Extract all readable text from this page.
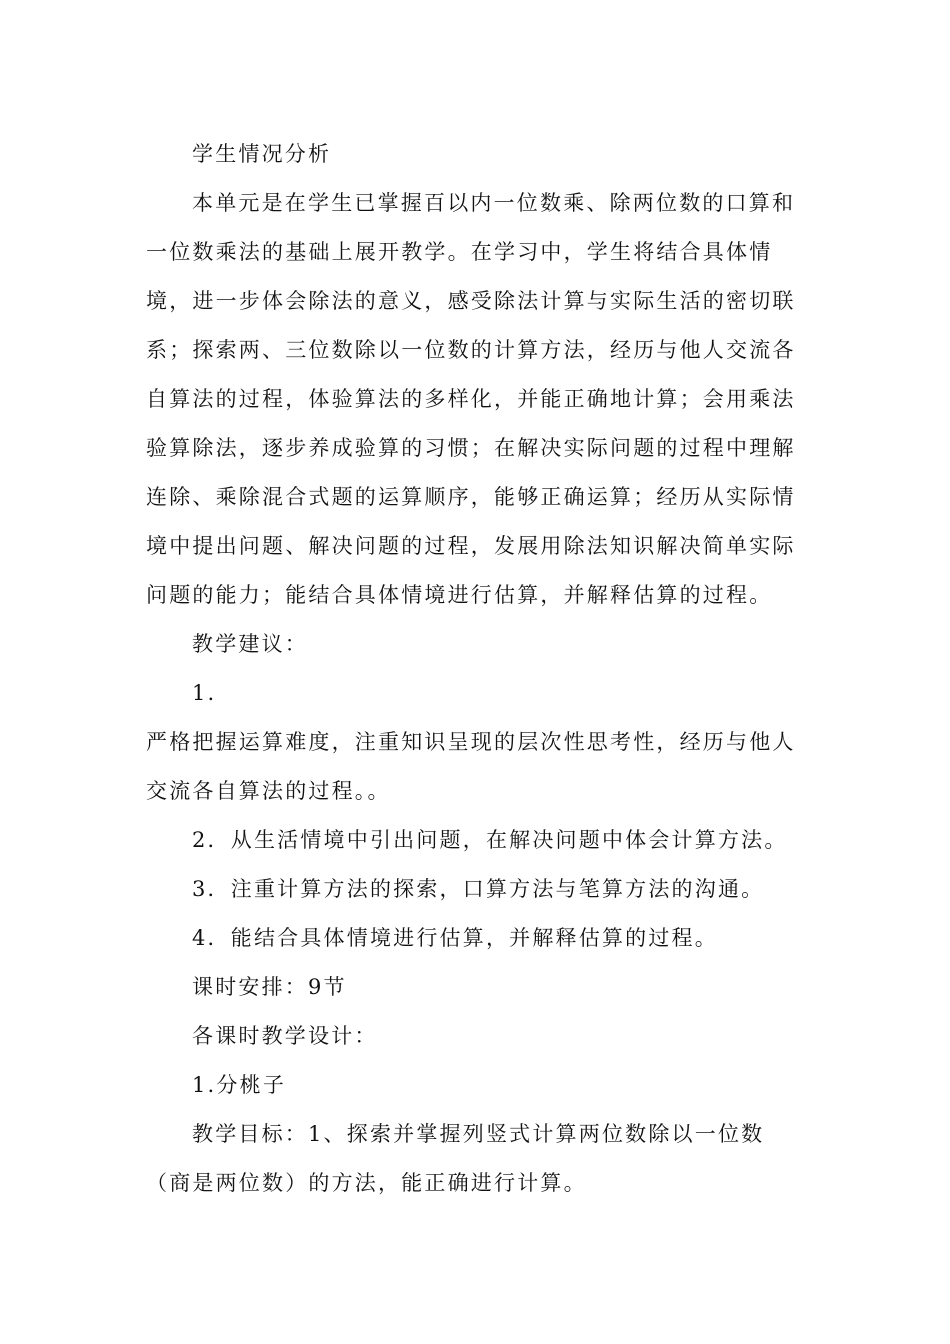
学生情况分析

本单元是在学生已掌握百以内一位数乘、除两位数的口算和一位数乘法的基础上展开教学。在学习中，学生将结合具体情境，进一步体会除法的意义，感受除法计算与实际生活的密切联系；探索两、三位数除以一位数的计算方法，经历与他人交流各自算法的过程，体验算法的多样化，并能正确地计算；会用乘法验算除法，逐步养成验算的习惯；在解决实际问题的过程中理解连除、乘除混合式题的运算顺序，能够正确运算；经历从实际情境中提出问题、解决问题的过程，发展用除法知识解决简单实际问题的能力；能结合具体情境进行估算，并解释估算的过程。

教学建议：

1.

严格把握运算难度，注重知识呈现的层次性思考性，经历与他人交流各自算法的过程。。

2．从生活情境中引出问题，在解决问题中体会计算方法。

3．注重计算方法的探索，口算方法与笔算方法的沟通。

4．能结合具体情境进行估算，并解释估算的过程。

课时安排：9节

各课时教学设计：

1.分桃子

教学目标：1、探索并掌握列竖式计算两位数除以一位数（商是两位数）的方法，能正确进行计算。
